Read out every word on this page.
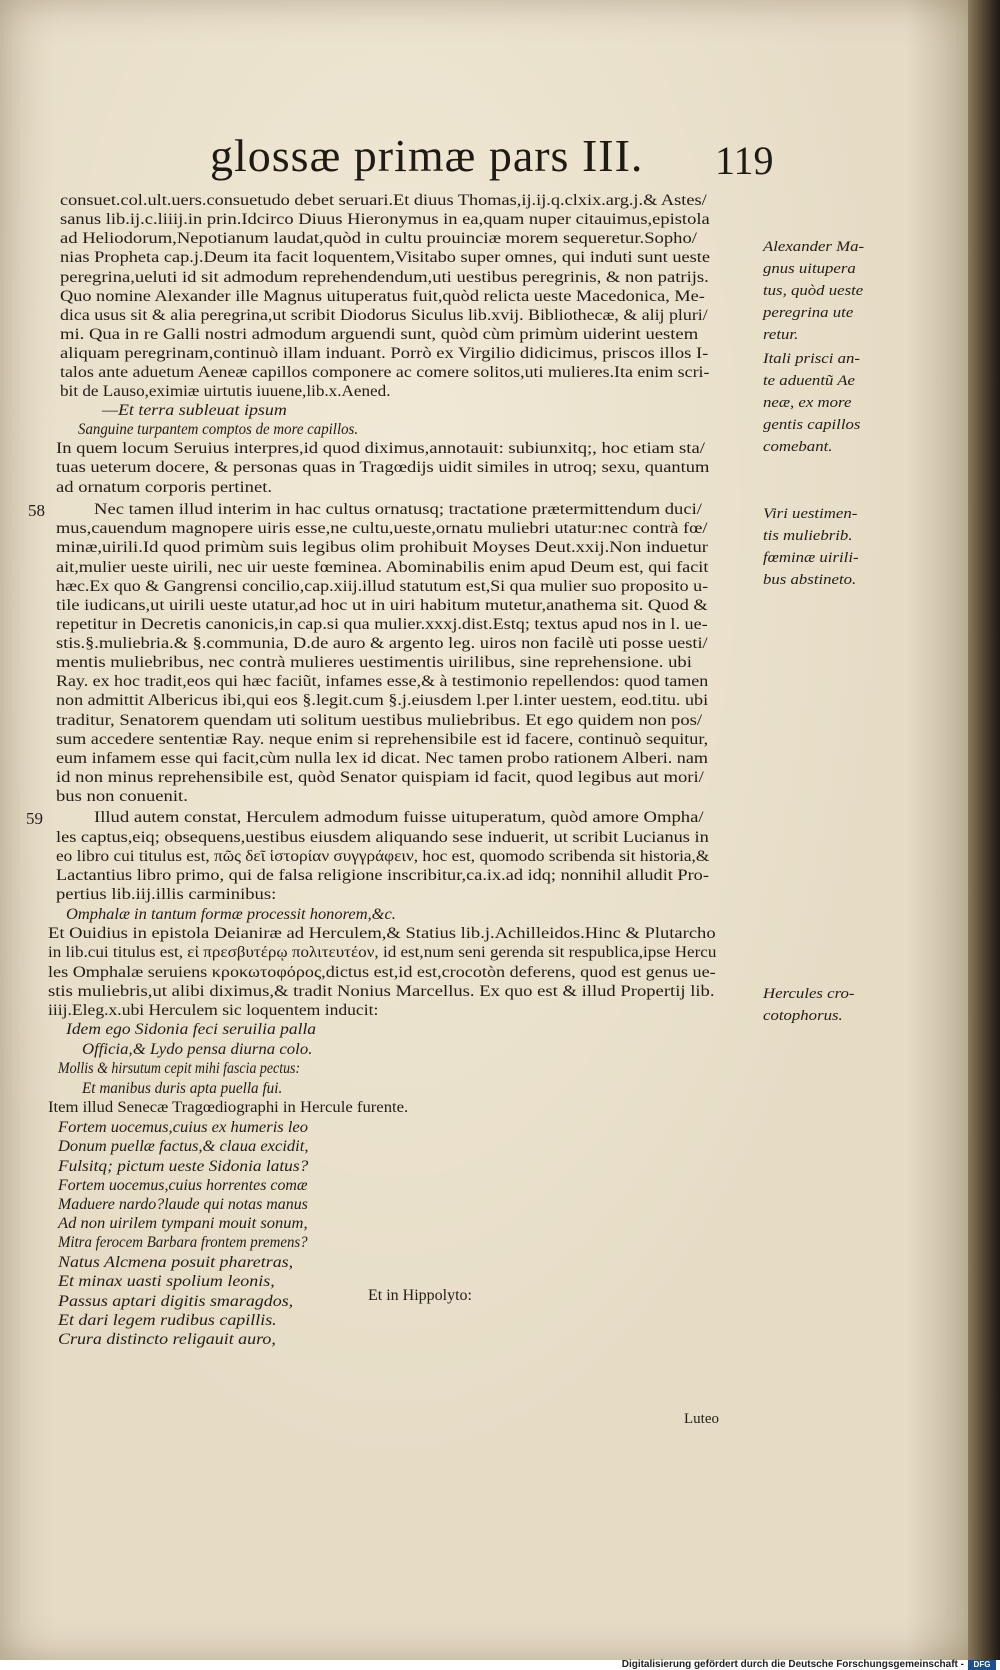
glossæ primæ pars III.	119
consuet.col.ult.uers.consuetudo debet seruari.Et diuus Thomas,ij.ij.q.clxix.arg.j.& Astes/
sanus lib.ij.c.liiij.in prin.Idcirco Diuus Hieronymus in ea,quam nuper citauimus,epistola
ad Heliodorum,Nepotianum laudat,quòd in cultu prouinciæ morem sequeretur.Sopho/
nias Propheta cap.j.Deum ita facit loquentem,Visitabo super omnes, qui induti sunt ueste
peregrina,ueluti id sit admodum reprehendendum,uti uestibus peregrinis, & non patrijs.
Quo nomine Alexander ille Magnus uituperatus fuit,quòd relicta ueste Macedonica, Me-
dica usus sit & alia peregrina,ut scribit Diodorus Siculus lib.xvij. Bibliothecæ, & alij pluri/
mi. Qua in re Galli nostri admodum arguendi sunt, quòd cùm primùm uiderint uestem
aliquam peregrinam,continuò illam induant. Porrò ex Virgilio didicimus, priscos illos I-
talos ante aduetum Aeneæ capillos componere ac comere solitos,uti mulieres.Ita enim scri-
bit de Lauso,eximiæ uirtutis iuuene,lib.x.Aened.
—Et terra subleuat ipsum
Sanguine turpantem comptos de more capillos.
In quem locum Seruius interpres,id quod diximus,annotauit: subiunxitq;, hoc etiam sta/
tuas ueterum docere, & personas quas in Tragœdijs uidit similes in utroq; sexu, quantum
ad ornatum corporis pertinet.
Nec tamen illud interim in hac cultus ornatusq; tractatione prætermittendum duci/
mus,cauendum magnopere uiris esse,ne cultu,ueste,ornatu muliebri utatur:nec contrà fœ/
minæ,uirili.Id quod primùm suis legibus olim prohibuit Moyses Deut.xxij.Non induetur
ait,mulier ueste uirili, nec uir ueste fœminea. Abominabilis enim apud Deum est, qui facit
hæc.Ex quo & Gangrensi concilio,cap.xiij.illud statutum est,Si qua mulier suo proposito u-
tile iudicans,ut uirili ueste utatur,ad hoc ut in uiri habitum mutetur,anathema sit. Quod &
repetitur in Decretis canonicis,in cap.si qua mulier.xxxj.dist.Estq; textus apud nos in l. ue-
stis.§.muliebria.& §.communia, D.de auro & argento leg. uiros non facilè uti posse uesti/
mentis muliebribus, nec contrà mulieres uestimentis uirilibus, sine reprehensione. ubi
Ray. ex hoc tradit,eos qui hæc faciũt, infames esse,& à testimonio repellendos: quod tamen
non admittit Albericus ibi,qui eos §.legit.cum §.j.eiusdem l.per l.inter uestem, eod.titu. ubi
traditur, Senatorem quendam uti solitum uestibus muliebribus. Et ego quidem non pos/
sum accedere sententiæ Ray. neque enim si reprehensibile est id facere, continuò sequitur,
eum infamem esse qui facit,cùm nulla lex id dicat. Nec tamen probo rationem Alberi. nam
id non minus reprehensibile est, quòd Senator quispiam id facit, quod legibus aut mori/
bus non conuenit.
Illud autem constat, Herculem admodum fuisse uituperatum, quòd amore Ompha/
les captus,eiq; obsequens,uestibus eiusdem aliquando sese induerit, ut scribit Lucianus in
eo libro cui titulus est, πῶς δεῖ ἱστορίαν συγγράφειν, hoc est, quomodo scribenda sit historia,&
Lactantius libro primo, qui de falsa religione inscribitur,ca.ix.ad idq; nonnihil alludit Pro-
pertius lib.iij.illis carminibus:
Omphalæ in tantum formæ processit honorem,&c.
Et Ouidius in epistola Deianiræ ad Herculem,& Statius lib.j.Achilleidos.Hinc & Plutarcho
in lib.cui titulus est, εἰ πρεσβυτέρῳ πολιτευτέον, id est,num seni gerenda sit respublica,ipse Hercu
les Omphalæ seruiens κροκωτοφόρος,dictus est,id est,crocotòn deferens, quod est genus ue-
stis muliebris,ut alibi diximus,& tradit Nonius Marcellus. Ex quo est & illud Propertij lib.
iiij.Eleg.x.ubi Herculem sic loquentem inducit:
Idem ego Sidonia feci seruilia palla
Officia,& Lydo pensa diurna colo.
Mollis & hirsutum cepit mihi fascia pectus:
Et manibus duris apta puella fui.
Item illud Senecæ Tragœdiographi in Hercule furente.
Fortem uocemus,cuius ex humeris leo
Donum puellæ factus,& claua excidit,
Fulsitq; pictum ueste Sidonia latus?
Fortem uocemus,cuius horrentes comæ
Maduere nardo?laude qui notas manus
Ad non uirilem tympani mouit sonum,
Mitra ferocem Barbara frontem premens?
Natus Alcmena posuit pharetras,
Et minax uasti spolium leonis,
Passus aptari digitis smaragdos,
Et dari legem rudibus capillis.
Crura distincto religauit auro,
Alexander Ma-
gnus uitupera
tus, quòd ueste
peregrina ute
retur.
Itali prisci an-
te aduentũ Ae
neæ, ex more
gentis capillos
comebant.
Viri uestimen-
tis muliebrib.
fœminæ uirili-
bus abstineto.
Hercules cro-
cotophorus.
58
59
Et in Hippolyto:
Luteo
Digitalisierung gefördert durch die Deutsche Forschungsgemeinschaft -	DFG
